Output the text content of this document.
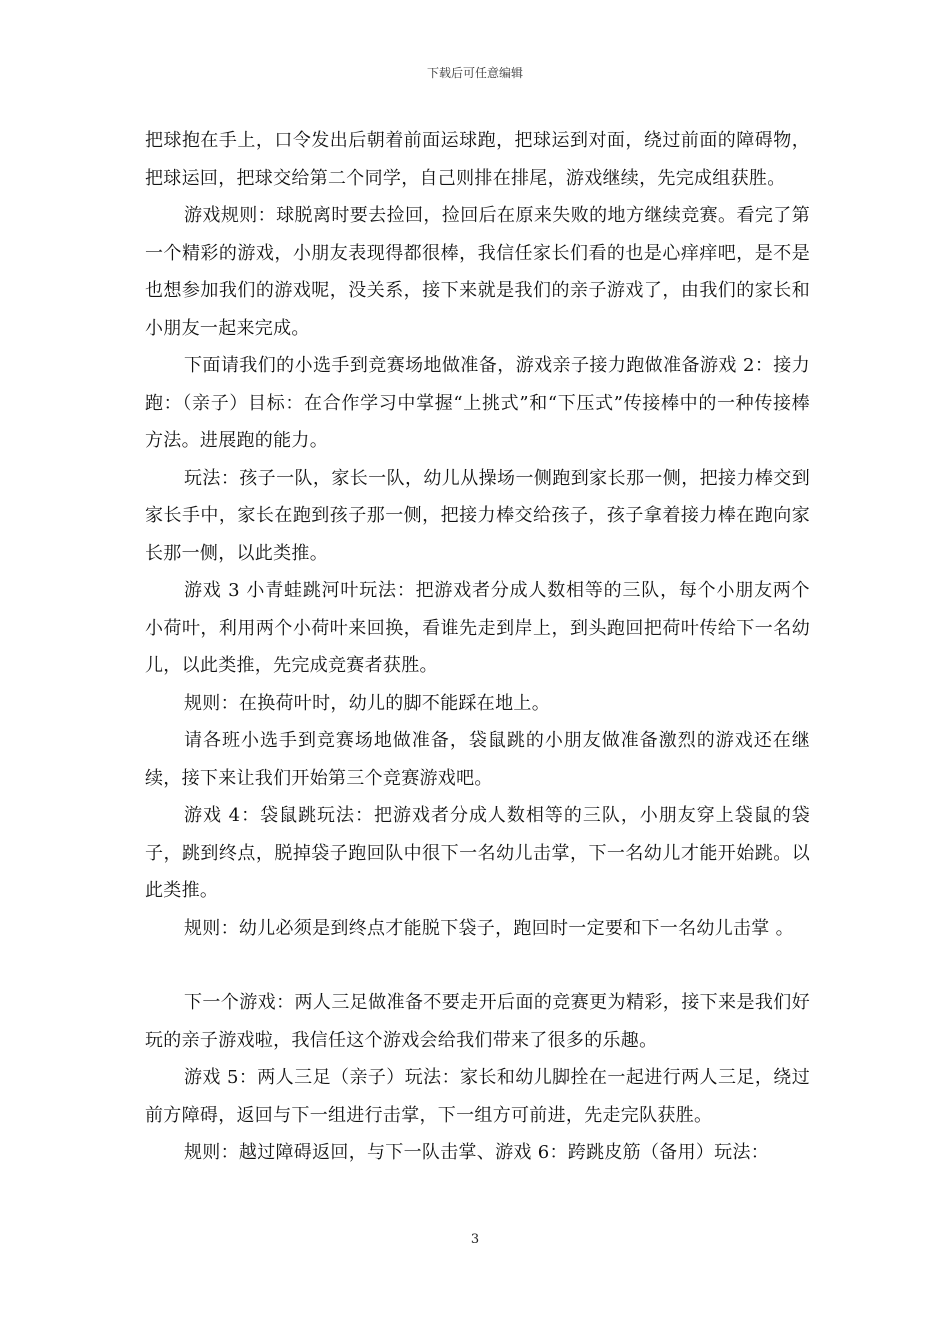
下载后可任意编辑

把球抱在手上，口令发出后朝着前面运球跑，把球运到对面，绕过前面的障碍物，把球运回，把球交给第二个同学，自己则排在排尾，游戏继续，先完成组获胜。

游戏规则：球脱离时要去捡回，捡回后在原来失败的地方继续竞赛。看完了第一个精彩的游戏，小朋友表现得都很棒，我信任家长们看的也是心痒痒吧，是不是也想参加我们的游戏呢，没关系，接下来就是我们的亲子游戏了，由我们的家长和小朋友一起来完成。

下面请我们的小选手到竞赛场地做准备，游戏亲子接力跑做准备游戏 2：接力跑：（亲子）目标：在合作学习中掌握“上挑式”和“下压式”传接棒中的一种传接棒方法。进展跑的能力。

玩法：孩子一队，家长一队，幼儿从操场一侧跑到家长那一侧，把接力棒交到家长手中，家长在跑到孩子那一侧，把接力棒交给孩子，孩子拿着接力棒在跑向家长那一侧，以此类推。

游戏 3 小青蛙跳河叶玩法：把游戏者分成人数相等的三队，每个小朋友两个小荷叶，利用两个小荷叶来回换，看谁先走到岸上，到头跑回把荷叶传给下一名幼儿，以此类推，先完成竞赛者获胜。

规则：在换荷叶时，幼儿的脚不能踩在地上。

请各班小选手到竞赛场地做准备，袋鼠跳的小朋友做准备激烈的游戏还在继续，接下来让我们开始第三个竞赛游戏吧。

游戏 4：袋鼠跳玩法：把游戏者分成人数相等的三队，小朋友穿上袋鼠的袋子，跳到终点，脱掉袋子跑回队中很下一名幼儿击掌，下一名幼儿才能开始跳。以此类推。

规则：幼儿必须是到终点才能脱下袋子，跑回时一定要和下一名幼儿击掌 。

下一个游戏：两人三足做准备不要走开后面的竞赛更为精彩，接下来是我们好玩的亲子游戏啦，我信任这个游戏会给我们带来了很多的乐趣。

游戏 5：两人三足（亲子）玩法：家长和幼儿脚拴在一起进行两人三足，绕过前方障碍，返回与下一组进行击掌，下一组方可前进，先走完队获胜。

规则：越过障碍返回，与下一队击掌、游戏 6：跨跳皮筋（备用）玩法：

3
